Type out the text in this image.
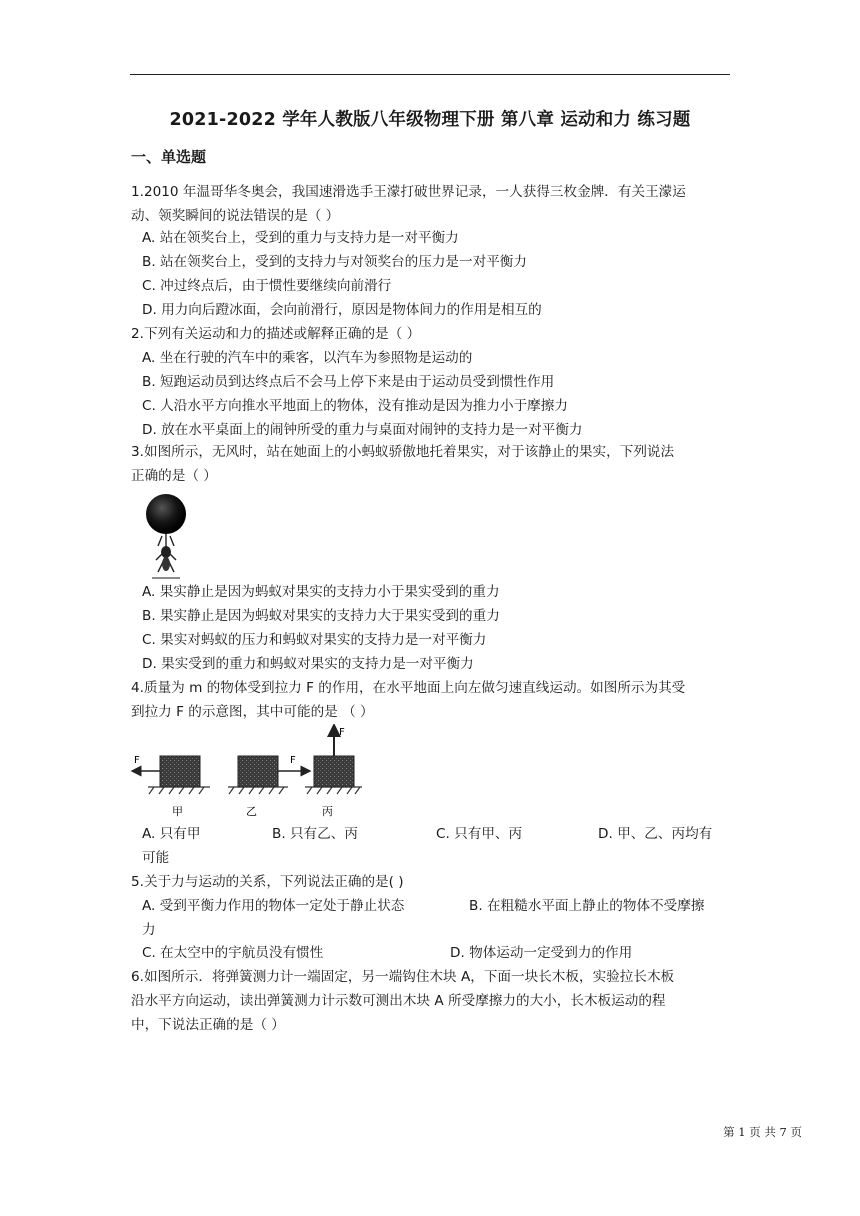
2021-2022 学年人教版八年级物理下册 第八章 运动和力 练习题
一、单选题
1.2010 年温哥华冬奥会，我国速滑选手王濛打破世界记录，一人获得三枚金牌．有关王濛运
动、领奖瞬间的说法错误的是（ ）
A. 站在领奖台上，受到的重力与支持力是一对平衡力
B. 站在领奖台上，受到的支持力与对领奖台的压力是一对平衡力
C. 冲过终点后，由于惯性要继续向前滑行
D. 用力向后蹬冰面，会向前滑行，原因是物体间力的作用是相互的
2.下列有关运动和力的描述或解释正确的是（ ）
A. 坐在行驶的汽车中的乘客，以汽车为参照物是运动的
B. 短跑运动员到达终点后不会马上停下来是由于运动员受到惯性作用
C. 人沿水平方向推水平地面上的物体，没有推动是因为推力小于摩擦力
D. 放在水平桌面上的闹钟所受的重力与桌面对闹钟的支持力是一对平衡力
3.如图所示，无风时，站在她面上的小蚂蚁骄傲地托着果实，对于该静止的果实，下列说法
正确的是（ ）
A. 果实静止是因为蚂蚁对果实的支持力小于果实受到的重力
B. 果实静止是因为蚂蚁对果实的支持力大于果实受到的重力
C. 果实对蚂蚁的压力和蚂蚁对果实的支持力是一对平衡力
D. 果实受到的重力和蚂蚁对果实的支持力是一对平衡力
4.质量为 m 的物体受到拉力 F 的作用，在水平地面上向左做匀速直线运动。如图所示为其受
到拉力 F 的示意图，其中可能的是 （ ）
F	F
F
甲	乙	丙
A. 只有甲	B. 只有乙、丙	C. 只有甲、丙	D. 甲、乙、丙均有
可能
5.关于力与运动的关系，下列说法正确的是( )
A. 受到平衡力作用的物体一定处于静止状态	B. 在粗糙水平面上静止的物体不受摩擦
力
C. 在太空中的宇航员没有惯性	D. 物体运动一定受到力的作用
6.如图所示．将弹簧测力计一端固定，另一端钩住木块 A，下面一块长木板，实验拉长木板
沿水平方向运动，读出弹簧测力计示数可测出木块 A 所受摩擦力的大小，长木板运动的程
中，下说法正确的是（ ）
第 1 页 共 7 页
